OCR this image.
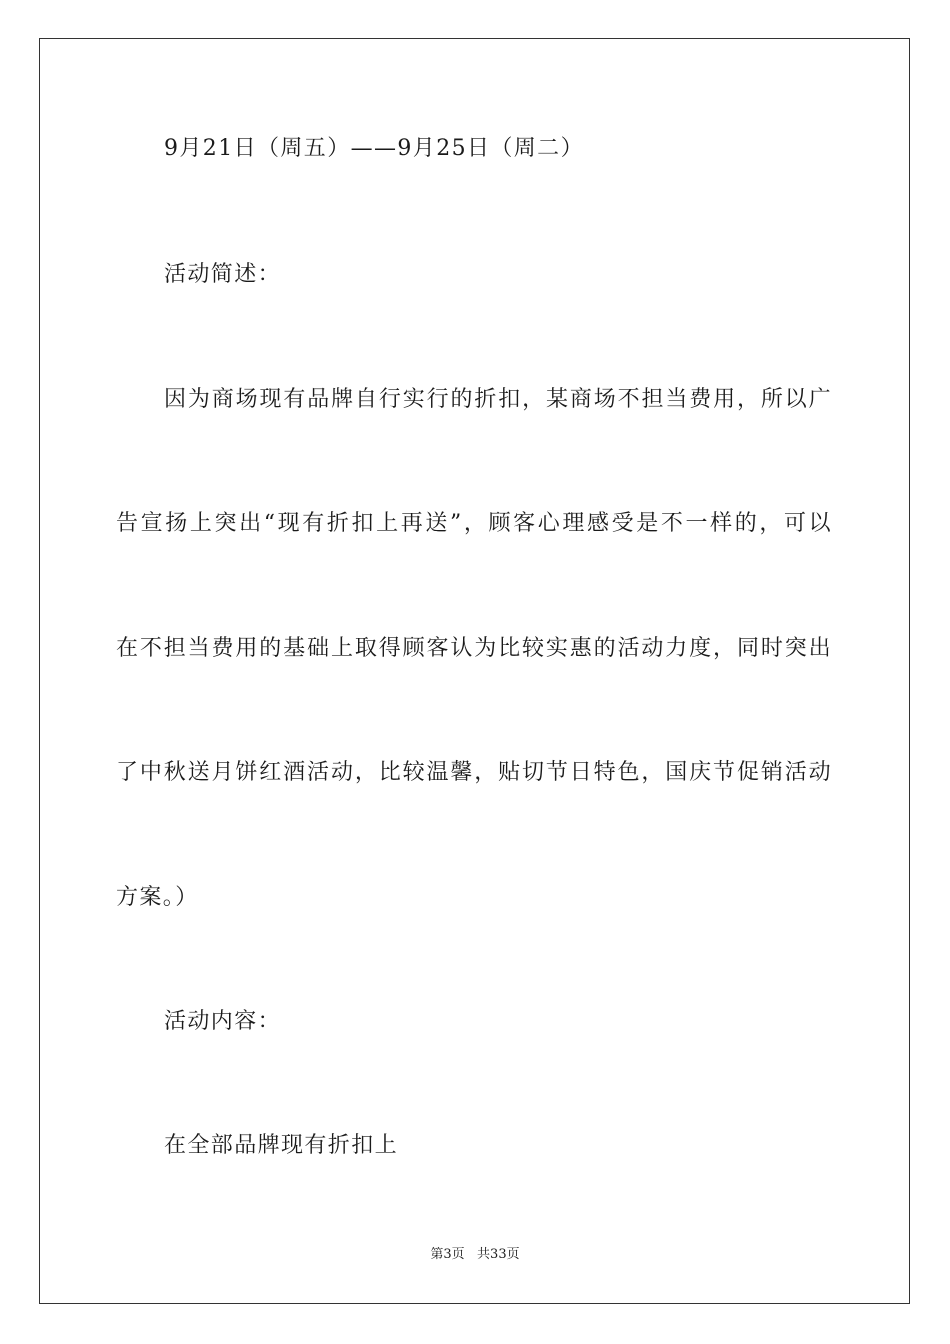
9月21日（周五）——9月25日（周二）
活动简述：
因为商场现有品牌自行实行的折扣，某商场不担当费用，所以广
告宣扬上突出“现有折扣上再送”，顾客心理感受是不一样的，可以
在不担当费用的基础上取得顾客认为比较实惠的活动力度，同时突出
了中秋送月饼红酒活动，比较温馨，贴切节日特色，国庆节促销活动
方案。）
活动内容：
在全部品牌现有折扣上
第3页   共33页
